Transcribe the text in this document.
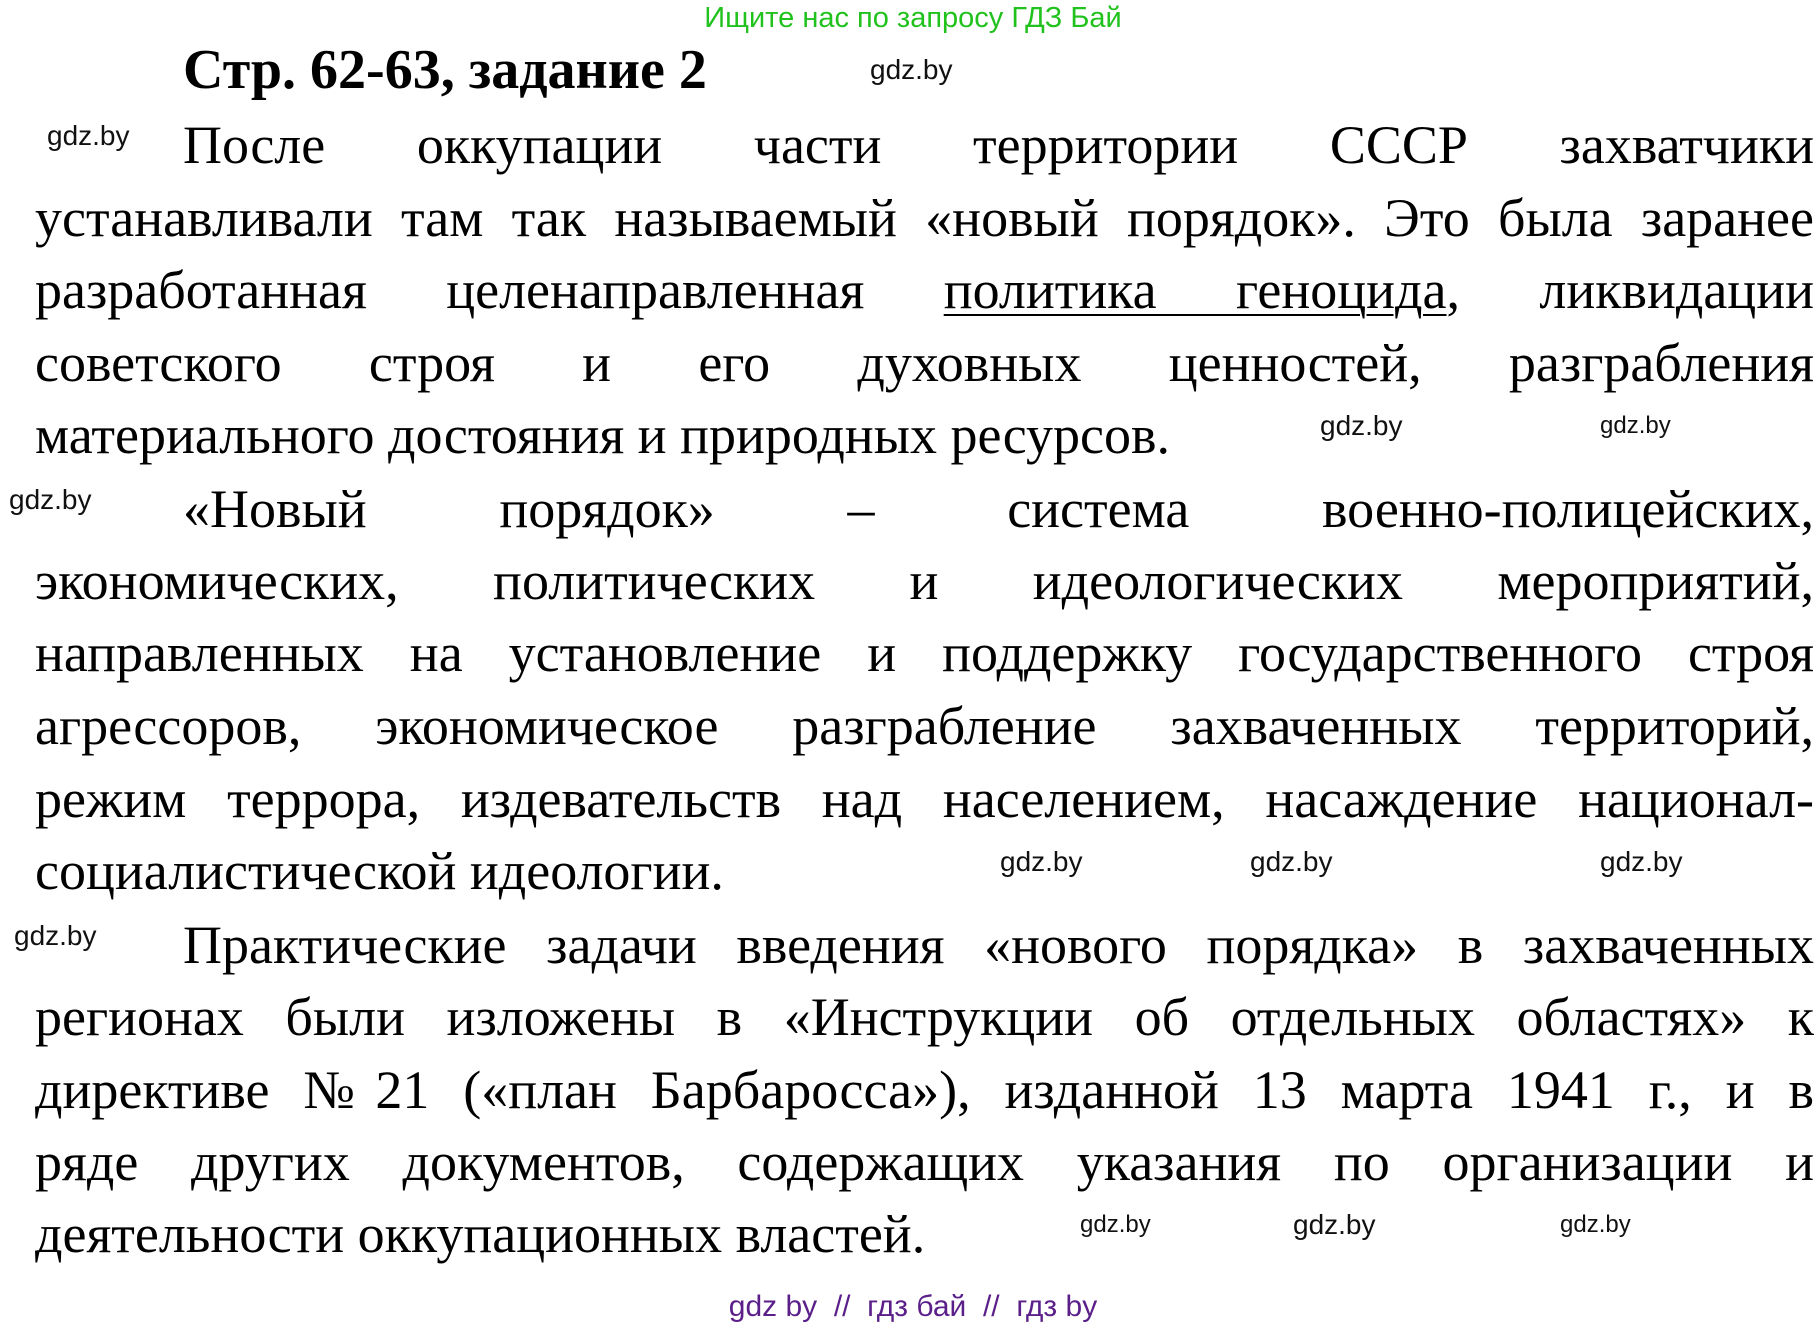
Ищите нас по запросу ГДЗ Бай
Стр. 62-63, задание 2
После оккупации части территории СССР захватчики
устанавливали там так называемый «новый порядок». Это была заранее
разработанная целенаправленная политика геноцида, ликвидации
советского строя и его духовных ценностей, разграбления
материального достояния и природных ресурсов.
«Новый порядок» – система военно-полицейских,
экономических, политических и идеологических мероприятий,
направленных на установление и поддержку государственного строя
агрессоров, экономическое разграбление захваченных территорий,
режим террора, издевательств над населением, насаждение национал-
социалистической идеологии.
Практические задачи введения «нового порядка» в захваченных
регионах были изложены в «Инструкции об отдельных областях» к
директиве №21 («план Барбаросса»), изданной 13 марта 1941 г., и в
ряде других документов, содержащих указания по организации и
деятельности оккупационных властей.
gdz.by
gdz.by
gdz.by
gdz.by
gdz.by
gdz.by
gdz.by	gdz.by
gdz.by
gdz.by	gdz.by	gdz.by
gdz by  //  гдз бай  //  гдз by
